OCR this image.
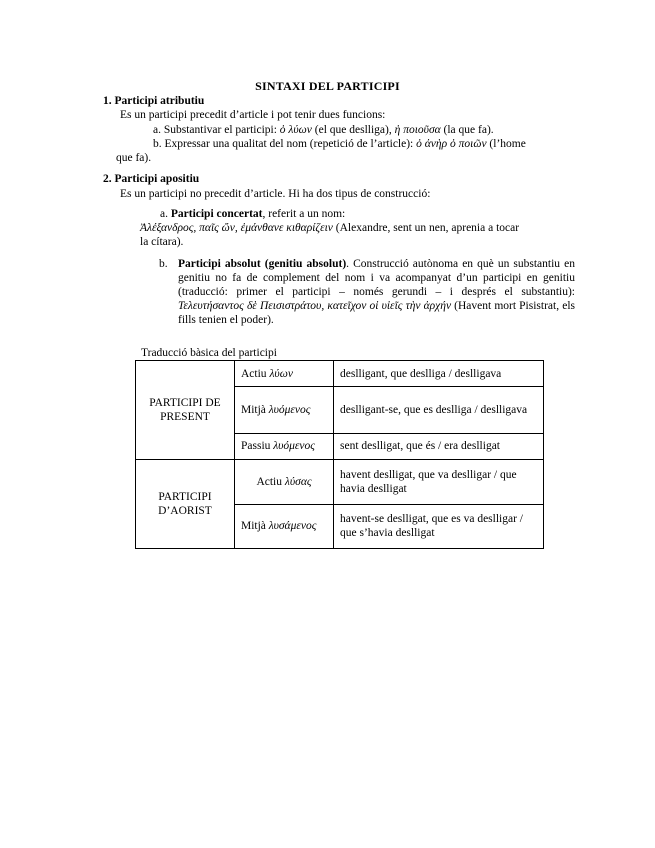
SINTAXI DEL PARTICIPI
1. Participi atributiu
Es un participi precedit d’article i pot tenir dues funcions:
a. Substantivar el participi: ὁ λύων (el que deslliga), ἡ ποιοῦσα (la que fa).
b. Expressar una qualitat del nom (repetició de l’article): ὁ ἀνὴρ ὁ ποιῶν (l’home
que fa).
2. Participi apositiu
Es un participi no precedit d’article. Hi ha dos tipus de construcció:
a. Participi concertat, referit a un nom:
Ἀλέξανδρος, παῖς ὤν, ἐμάνθανε κιθαρίζειν (Alexandre, sent un nen, aprenia a tocar
la cítara).
b. Participi absolut (genitiu absolut). Construcció autònoma en què un substantiu en genitiu no fa de complement del nom i va acompanyat d’un participi en genitiu (traducció: primer el participi – només gerundi – i després el substantiu): Τελευτήσαντος δὲ Πεισιστράτου, κατεῖχον οἱ υἱεῖς τὴν ἀρχήν (Havent mort Pisistrat, els fills tenien el poder).
Traducció bàsica del participi
PARTICIPI DE PRESENT	Actiu λύων	deslligant, que deslliga / deslligava
	Mitjà λυόμενος	deslligant-se, que es deslliga / deslligava
	Passiu λυόμενος	sent deslligat, que és / era deslligat
PARTICIPI D’AORIST	Actiu λύσας	havent deslligat, que va deslligar / que havia deslligat
	Mitjà λυσάμενος	havent-se deslligat, que es va deslligar / que s’havia deslligat
